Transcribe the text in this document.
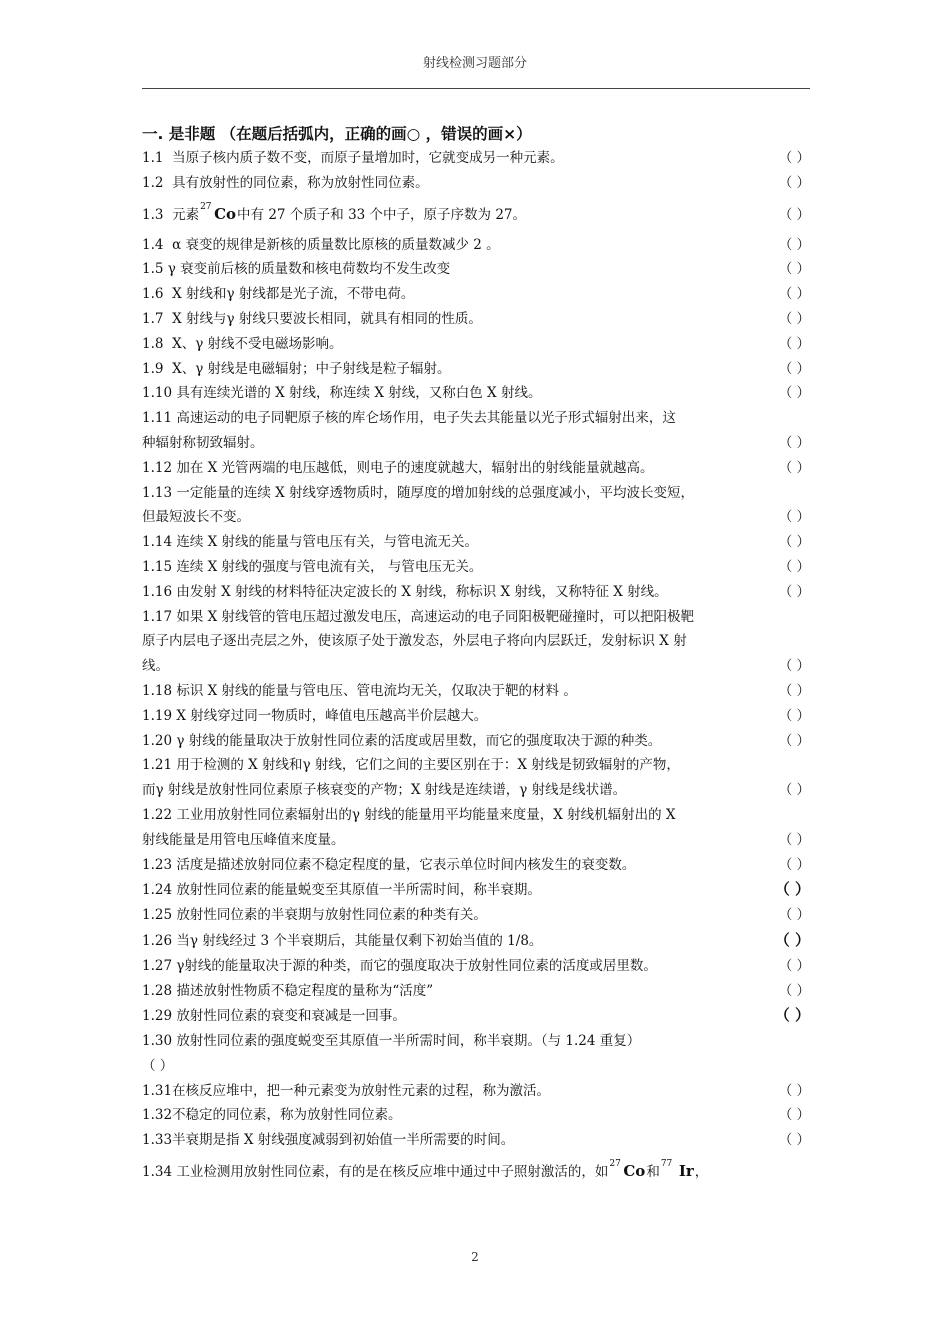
射线检测习题部分
一. 是非题 （在题后括弧内，正确的画○ ，错误的画×）
1.1 当原子核内质子数不变，而原子量增加时，它就变成另一种元素。	（ ）
1.2 具有放射性的同位素，称为放射性同位素。	（ ）
1.3 元素 27 Co中有 27 个质子和 33 个中子，原子序数为 27。	（ ）
1.4 α 衰变的规律是新核的质量数比原核的质量数减少 2 。	（ ）
1.5 γ 衰变前后核的质量数和核电荷数均不发生改变	（ ）
1.6 X 射线和γ 射线都是光子流，不带电荷。	（ ）
1.7 X 射线与γ 射线只要波长相同，就具有相同的性质。	（ ）
1.8 X、γ 射线不受电磁场影响。	（ ）
1.9 X、γ 射线是电磁辐射；中子射线是粒子辐射。	（ ）
1.10 具有连续光谱的 X 射线，称连续 X 射线，又称白色 X 射线。	（ ）
1.11 高速运动的电子同靶原子核的库仑场作用，电子失去其能量以光子形式辐射出来，这
种辐射称韧致辐射。	（ ）
1.12 加在 X 光管两端的电压越低，则电子的速度就越大，辐射出的射线能量就越高。	（ ）
1.13 一定能量的连续 X 射线穿透物质时，随厚度的增加射线的总强度减小，平均波长变短，
但最短波长不变。	（ ）
1.14 连续 X 射线的能量与管电压有关，与管电流无关。	（ ）
1.15 连续 X 射线的强度与管电流有关， 与管电压无关。	（ ）
1.16 由发射 X 射线的材料特征决定波长的 X 射线，称标识 X 射线，又称特征 X 射线。	（ ）
1.17 如果 X 射线管的管电压超过激发电压，高速运动的电子同阳极靶碰撞时，可以把阳极靶
原子内层电子逐出壳层之外，使该原子处于激发态，外层电子将向内层跃迁，发射标识 X 射
线。	（ ）
1.18 标识 X 射线的能量与管电压、管电流均无关，仅取决于靶的材料 。	（ ）
1.19 X 射线穿过同一物质时，峰值电压越高半价层越大。	（ ）
1.20 γ 射线的能量取决于放射性同位素的活度或居里数，而它的强度取决于源的种类。	（ ）
1.21 用于检测的 X 射线和γ 射线，它们之间的主要区别在于：X 射线是韧致辐射的产物，
而γ 射线是放射性同位素原子核衰变的产物；X 射线是连续谱，γ 射线是线状谱。	（ ）
1.22 工业用放射性同位素辐射出的γ 射线的能量用平均能量来度量，X 射线机辐射出的 X
射线能量是用管电压峰值来度量。	（ ）
1.23 活度是描述放射同位素不稳定程度的量，它表示单位时间内核发生的衰变数。	（ ）
1.24 放射性同位素的能量蜕变至其原值一半所需时间，称半衰期。	（ ）
1.25 放射性同位素的半衰期与放射性同位素的种类有关。	（ ）
1.26 当γ 射线经过 3 个半衰期后，其能量仅剩下初始当值的 1/8。	（ ）
1.27 γ射线的能量取决于源的种类，而它的强度取决于放射性同位素的活度或居里数。	（ ）
1.28 描述放射性物质不稳定程度的量称为“活度”	（ ）
1.29 放射性同位素的衰变和衰减是一回事。	（ ）
1.30 放射性同位素的强度蜕变至其原值一半所需时间，称半衰期。（与 1.24 重复）
（ ）
1.31在核反应堆中，把一种元素变为放射性元素的过程，称为激活。	（ ）
1.32不稳定的同位素，称为放射性同位素。	（ ）
1.33半衰期是指 X 射线强度减弱到初始值一半所需要的时间。	（ ）
1.34 工业检测用放射性同位素，有的是在核反应堆中通过中子照射激活的，如 27 Co和 77 Ir，
2
